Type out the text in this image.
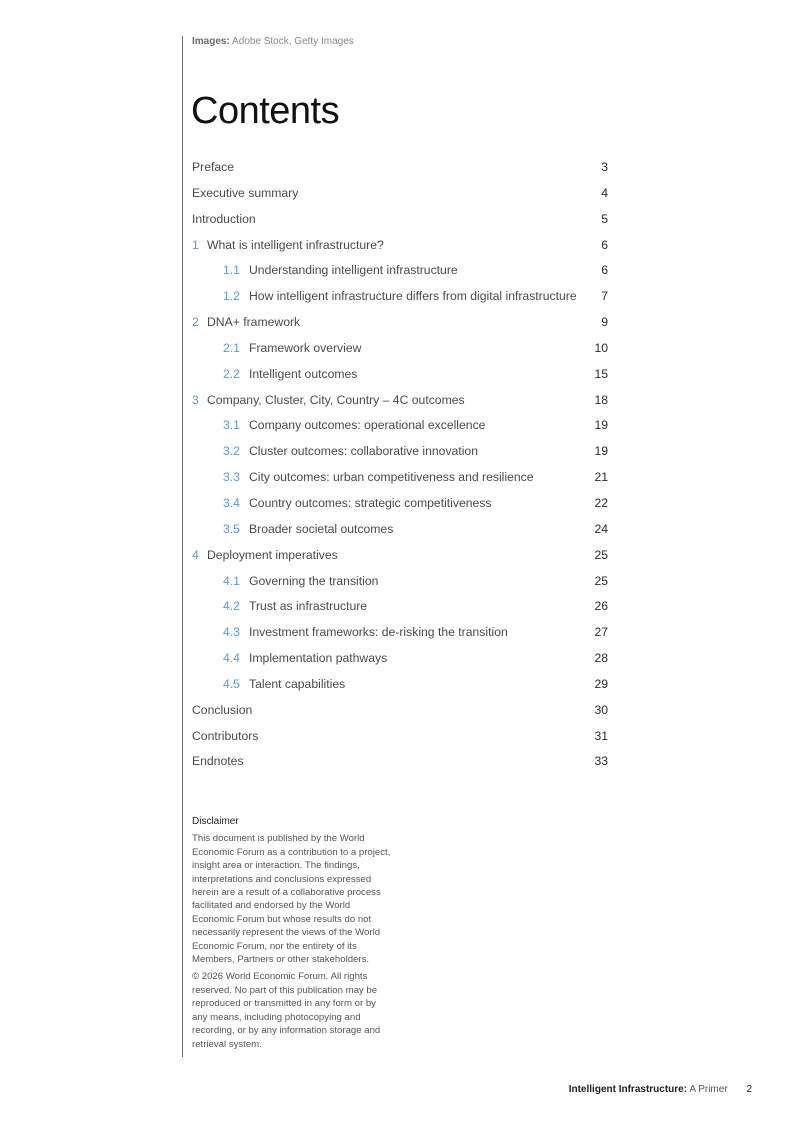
Images: Adobe Stock, Getty Images
Contents
Preface	3
Executive summary	4
Introduction	5
1 What is intelligent infrastructure?	6
1.1 Understanding intelligent infrastructure	6
1.2 How intelligent infrastructure differs from digital infrastructure 7
2 DNA+ framework	9
2.1 Framework overview	10
2.2 Intelligent outcomes	15
3 Company, Cluster, City, Country – 4C outcomes	18
3.1 Company outcomes: operational excellence	19
3.2 Cluster outcomes: collaborative innovation	19
3.3 City outcomes: urban competitiveness and resilience	21
3.4 Country outcomes: strategic competitiveness	22
3.5 Broader societal outcomes	24
4 Deployment imperatives	25
4.1 Governing the transition	25
4.2 Trust as infrastructure	26
4.3 Investment frameworks: de-risking the transition	27
4.4 Implementation pathways	28
4.5 Talent capabilities	29
Conclusion	30
Contributors	31
Endnotes	33

Disclaimer

This document is published by the World Economic Forum as a contribution to a project, insight area or interaction. The findings, interpretations and conclusions expressed herein are a result of a collaborative process facilitated and endorsed by the World Economic Forum but whose results do not necessarily represent the views of the World Economic Forum, nor the entirety of its Members, Partners or other stakeholders.

© 2026 World Economic Forum. All rights reserved. No part of this publication may be reproduced or transmitted in any form or by any means, including photocopying and recording, or by any information storage and retrieval system.

Intelligent Infrastructure: A Primer 2
